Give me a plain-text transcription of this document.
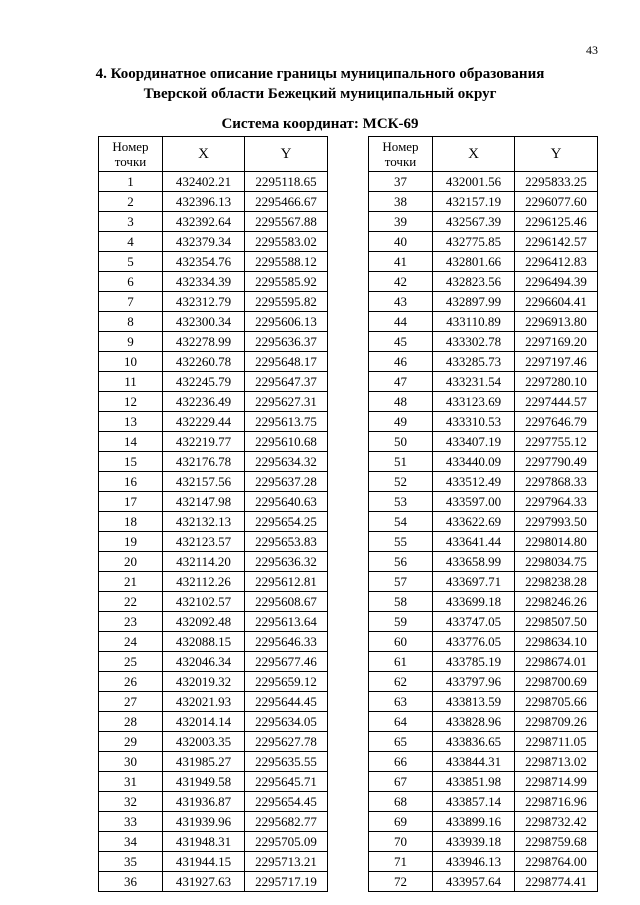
43
4. Координатное описание границы муниципального образования
Тверской области Бежецкий муниципальный округ
Система координат: МСК-69
Номер
точки	X	Y
1	432402.21	2295118.65
2	432396.13	2295466.67
3	432392.64	2295567.88
4	432379.34	2295583.02
5	432354.76	2295588.12
6	432334.39	2295585.92
7	432312.79	2295595.82
8	432300.34	2295606.13
9	432278.99	2295636.37
10	432260.78	2295648.17
11	432245.79	2295647.37
12	432236.49	2295627.31
13	432229.44	2295613.75
14	432219.77	2295610.68
15	432176.78	2295634.32
16	432157.56	2295637.28
17	432147.98	2295640.63
18	432132.13	2295654.25
19	432123.57	2295653.83
20	432114.20	2295636.32
21	432112.26	2295612.81
22	432102.57	2295608.67
23	432092.48	2295613.64
24	432088.15	2295646.33
25	432046.34	2295677.46
26	432019.32	2295659.12
27	432021.93	2295644.45
28	432014.14	2295634.05
29	432003.35	2295627.78
30	431985.27	2295635.55
31	431949.58	2295645.71
32	431936.87	2295654.45
33	431939.96	2295682.77
34	431948.31	2295705.09
35	431944.15	2295713.21
36	431927.63	2295717.19
Номер
точки	X	Y
37	432001.56	2295833.25
38	432157.19	2296077.60
39	432567.39	2296125.46
40	432775.85	2296142.57
41	432801.66	2296412.83
42	432823.56	2296494.39
43	432897.99	2296604.41
44	433110.89	2296913.80
45	433302.78	2297169.20
46	433285.73	2297197.46
47	433231.54	2297280.10
48	433123.69	2297444.57
49	433310.53	2297646.79
50	433407.19	2297755.12
51	433440.09	2297790.49
52	433512.49	2297868.33
53	433597.00	2297964.33
54	433622.69	2297993.50
55	433641.44	2298014.80
56	433658.99	2298034.75
57	433697.71	2298238.28
58	433699.18	2298246.26
59	433747.05	2298507.50
60	433776.05	2298634.10
61	433785.19	2298674.01
62	433797.96	2298700.69
63	433813.59	2298705.66
64	433828.96	2298709.26
65	433836.65	2298711.05
66	433844.31	2298713.02
67	433851.98	2298714.99
68	433857.14	2298716.96
69	433899.16	2298732.42
70	433939.18	2298759.68
71	433946.13	2298764.00
72	433957.64	2298774.41
